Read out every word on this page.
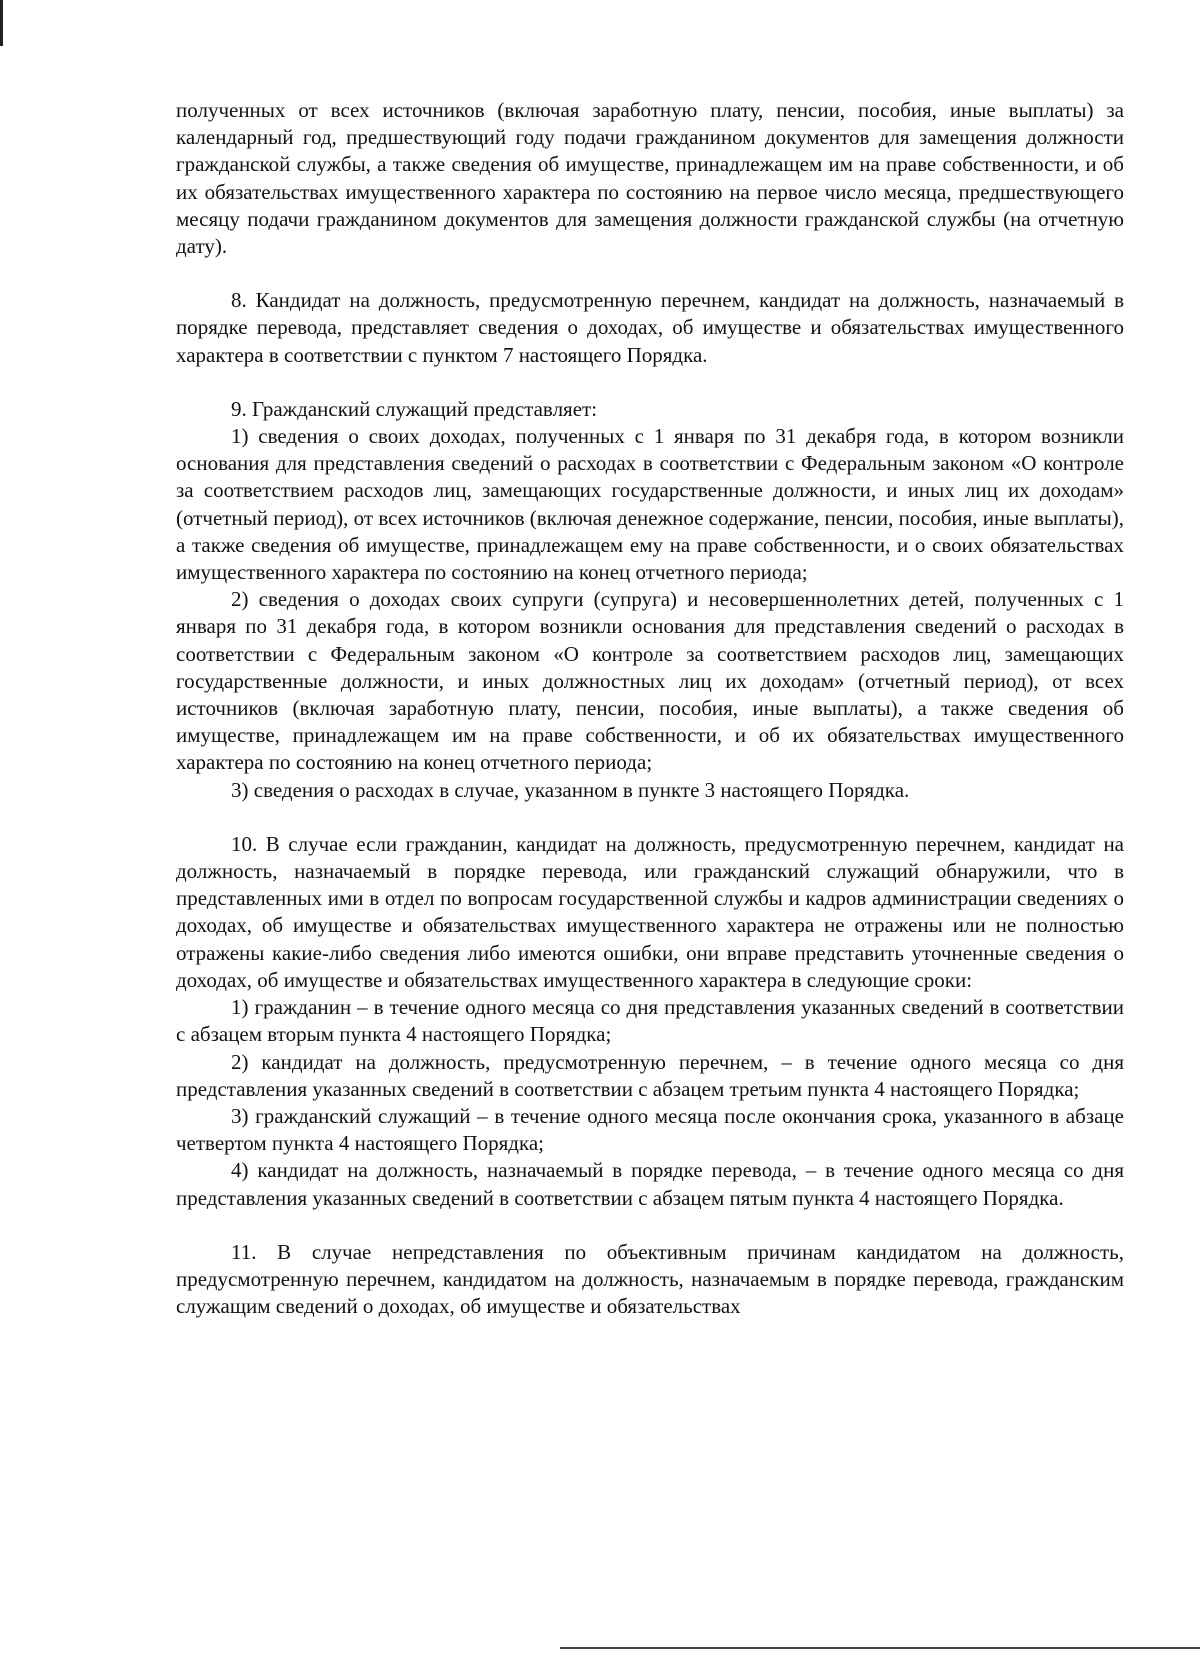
полученных от всех источников (включая заработную плату, пенсии, пособия, иные выплаты) за календарный год, предшествующий году подачи гражданином документов для замещения должности гражданской службы, а также сведения об имуществе, принадлежащем им на праве собственности, и об их обязательствах имущественного характера по состоянию на первое число месяца, предшествующего месяцу подачи гражданином документов для замещения должности гражданской службы (на отчетную дату).

8. Кандидат на должность, предусмотренную перечнем, кандидат на должность, назначаемый в порядке перевода, представляет сведения о доходах, об имуществе и обязательствах имущественного характера в соответствии с пунктом 7 настоящего Порядка.

9. Гражданский служащий представляет:

1) сведения о своих доходах, полученных с 1 января по 31 декабря года, в котором возникли основания для представления сведений о расходах в соответствии с Федеральным законом «О контроле за соответствием расходов лиц, замещающих государственные должности, и иных лиц их доходам» (отчетный период), от всех источников (включая денежное содержание, пенсии, пособия, иные выплаты), а также сведения об имуществе, принадлежащем ему на праве собственности, и о своих обязательствах имущественного характера по состоянию на конец отчетного периода;

2) сведения о доходах своих супруги (супруга) и несовершеннолетних детей, полученных с 1 января по 31 декабря года, в котором возникли основания для представления сведений о расходах в соответствии с Федеральным законом «О контроле за соответствием расходов лиц, замещающих государственные должности, и иных должностных лиц их доходам» (отчетный период), от всех источников (включая заработную плату, пенсии, пособия, иные выплаты), а также сведения об имуществе, принадлежащем им на праве собственности, и об их обязательствах имущественного характера по состоянию на конец отчетного периода;

3) сведения о расходах в случае, указанном в пункте 3 настоящего Порядка.

10. В случае если гражданин, кандидат на должность, предусмотренную перечнем, кандидат на должность, назначаемый в порядке перевода, или гражданский служащий обнаружили, что в представленных ими в отдел по вопросам государственной службы и кадров администрации сведениях о доходах, об имуществе и обязательствах имущественного характера не отражены или не полностью отражены какие-либо сведения либо имеются ошибки, они вправе представить уточненные сведения о доходах, об имуществе и обязательствах имущественного характера в следующие сроки:

1) гражданин – в течение одного месяца со дня представления указанных сведений в соответствии с абзацем вторым пункта 4 настоящего Порядка;

2) кандидат на должность, предусмотренную перечнем, – в течение одного месяца со дня представления указанных сведений в соответствии с абзацем третьим пункта 4 настоящего Порядка;

3) гражданский служащий – в течение одного месяца после окончания срока, указанного в абзаце четвертом пункта 4 настоящего Порядка;

4) кандидат на должность, назначаемый в порядке перевода, – в течение одного месяца со дня представления указанных сведений в соответствии с абзацем пятым пункта 4 настоящего Порядка.

11. В случае непредставления по объективным причинам кандидатом на должность, предусмотренную перечнем, кандидатом на должность, назначаемым в порядке перевода, гражданским служащим сведений о доходах, об имуществе и обязательствах
